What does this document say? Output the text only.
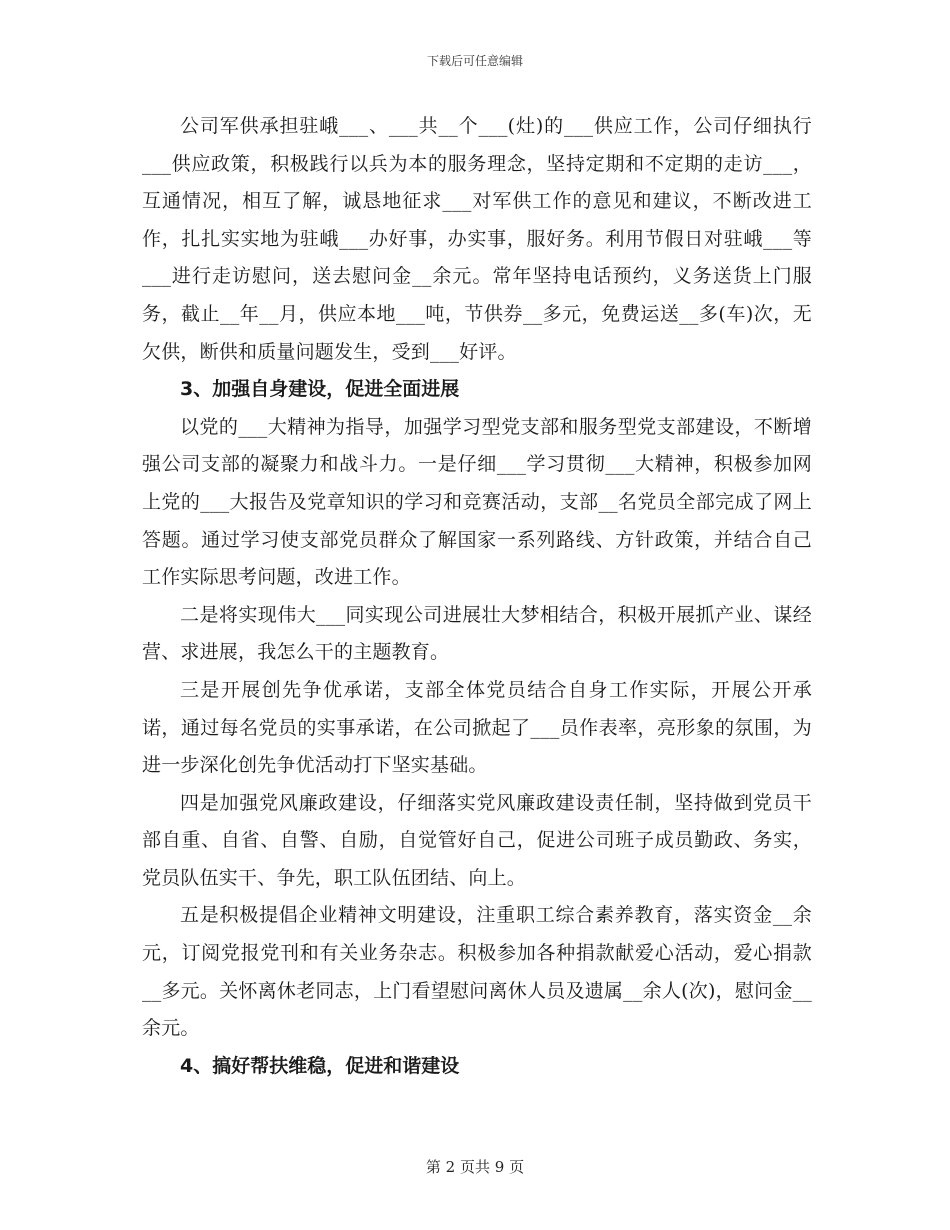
下载后可任意编辑

公司军供承担驻峨___、___共__个___(灶)的___供应工作，公司仔细执行___供应政策，积极践行以兵为本的服务理念，坚持定期和不定期的走访___，互通情况，相互了解，诚恳地征求___对军供工作的意见和建议，不断改进工作，扎扎实实地为驻峨___办好事，办实事，服好务。利用节假日对驻峨___等___进行走访慰问，送去慰问金__余元。常年坚持电话预约，义务送货上门服务，截止__年__月，供应本地___吨，节供券__多元，免费运送__多(车)次，无欠供，断供和质量问题发生，受到___好评。

3、加强自身建设，促进全面进展

以党的___大精神为指导，加强学习型党支部和服务型党支部建设，不断增强公司支部的凝聚力和战斗力。一是仔细___学习贯彻___大精神，积极参加网上党的___大报告及党章知识的学习和竞赛活动，支部__名党员全部完成了网上答题。通过学习使支部党员群众了解国家一系列路线、方针政策，并结合自己工作实际思考问题，改进工作。

二是将实现伟大___同实现公司进展壮大梦相结合，积极开展抓产业、谋经营、求进展，我怎么干的主题教育。

三是开展创先争优承诺，支部全体党员结合自身工作实际，开展公开承诺，通过每名党员的实事承诺，在公司掀起了___员作表率，亮形象的氛围，为进一步深化创先争优活动打下坚实基础。

四是加强党风廉政建设，仔细落实党风廉政建设责任制，坚持做到党员干部自重、自省、自警、自励，自觉管好自己，促进公司班子成员勤政、务实，党员队伍实干、争先，职工队伍团结、向上。

五是积极提倡企业精神文明建设，注重职工综合素养教育，落实资金__余元，订阅党报党刊和有关业务杂志。积极参加各种捐款献爱心活动，爱心捐款__多元。关怀离休老同志，上门看望慰问离休人员及遗属__余人(次)，慰问金__余元。

4、搞好帮扶维稳，促进和谐建设

第 2 页共 9 页
